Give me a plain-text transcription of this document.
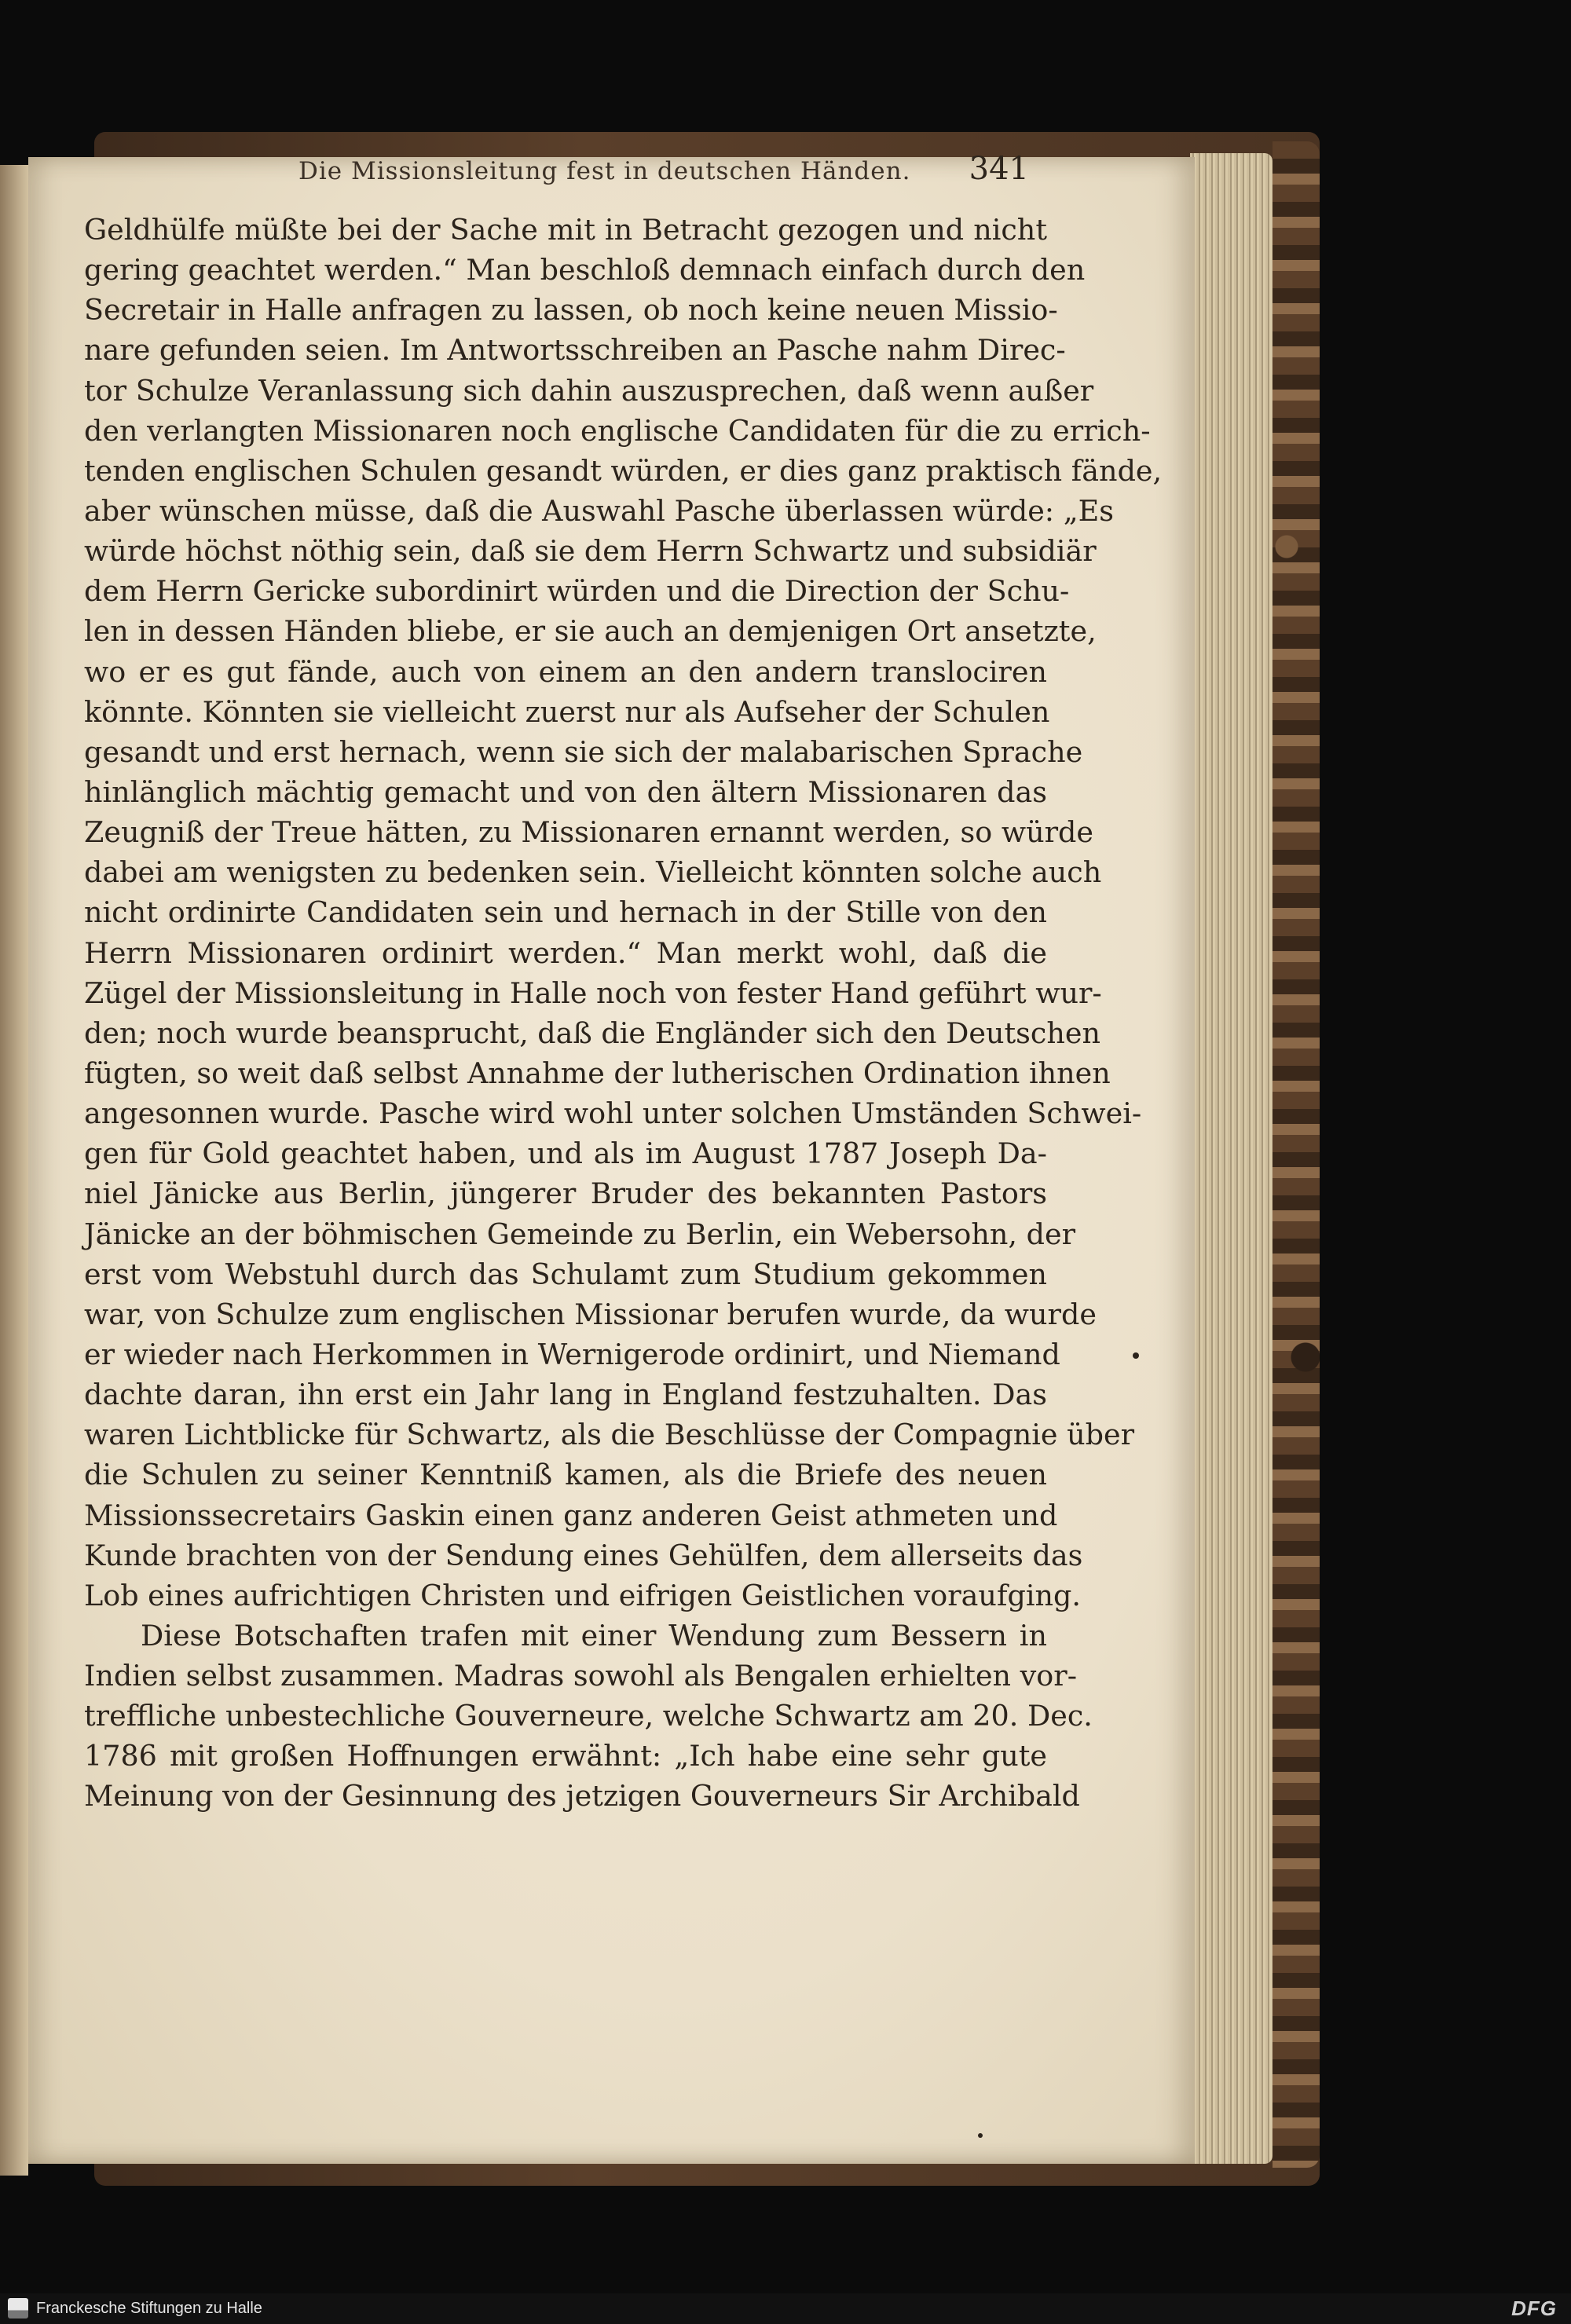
Die Missionsleitung fest in deutschen Händen. 341
Geldhülfe müßte bei der Sache mit in Betracht gezogen und nicht
gering geachtet werden.“ Man beschloß demnach einfach durch den
Secretair in Halle anfragen zu lassen, ob noch keine neuen Missio-
nare gefunden seien. Im Antwortsschreiben an Pasche nahm Direc-
tor Schulze Veranlassung sich dahin auszusprechen, daß wenn außer
den verlangten Missionaren noch englische Candidaten für die zu errich-
tenden englischen Schulen gesandt würden, er dies ganz praktisch fände,
aber wünschen müsse, daß die Auswahl Pasche überlassen würde: „Es
würde höchst nöthig sein, daß sie dem Herrn Schwartz und subsidiär
dem Herrn Gericke subordinirt würden und die Direction der Schu-
len in dessen Händen bliebe, er sie auch an demjenigen Ort ansetzte,
wo er es gut fände, auch von einem an den andern translociren
könnte. Könnten sie vielleicht zuerst nur als Aufseher der Schulen
gesandt und erst hernach, wenn sie sich der malabarischen Sprache
hinlänglich mächtig gemacht und von den ältern Missionaren das
Zeugniß der Treue hätten, zu Missionaren ernannt werden, so würde
dabei am wenigsten zu bedenken sein. Vielleicht könnten solche auch
nicht ordinirte Candidaten sein und hernach in der Stille von den
Herrn Missionaren ordinirt werden.“ Man merkt wohl, daß die
Zügel der Missionsleitung in Halle noch von fester Hand geführt wur-
den; noch wurde beansprucht, daß die Engländer sich den Deutschen
fügten, so weit daß selbst Annahme der lutherischen Ordination ihnen
angesonnen wurde. Pasche wird wohl unter solchen Umständen Schwei-
gen für Gold geachtet haben, und als im August 1787 Joseph Da-
niel Jänicke aus Berlin, jüngerer Bruder des bekannten Pastors
Jänicke an der böhmischen Gemeinde zu Berlin, ein Webersohn, der
erst vom Webstuhl durch das Schulamt zum Studium gekommen
war, von Schulze zum englischen Missionar berufen wurde, da wurde
er wieder nach Herkommen in Wernigerode ordinirt, und Niemand
dachte daran, ihn erst ein Jahr lang in England festzuhalten. Das
waren Lichtblicke für Schwartz, als die Beschlüsse der Compagnie über
die Schulen zu seiner Kenntniß kamen, als die Briefe des neuen
Missionssecretairs Gaskin einen ganz anderen Geist athmeten und
Kunde brachten von der Sendung eines Gehülfen, dem allerseits das
Lob eines aufrichtigen Christen und eifrigen Geistlichen voraufging.
Diese Botschaften trafen mit einer Wendung zum Bessern in
Indien selbst zusammen. Madras sowohl als Bengalen erhielten vor-
treffliche unbestechliche Gouverneure, welche Schwartz am 20. Dec.
1786 mit großen Hoffnungen erwähnt: „Ich habe eine sehr gute
Meinung von der Gesinnung des jetzigen Gouverneurs Sir Archibald
Franckesche Stiftungen zu Halle	DFG
